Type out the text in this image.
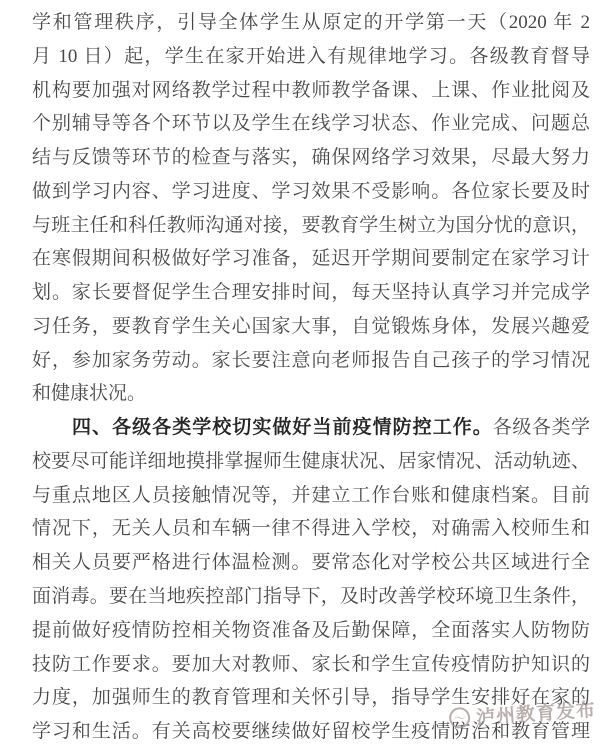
学和管理秩序，引导全体学生从原定的开学第一天（2020 年 2
月 10 日）起，学生在家开始进入有规律地学习。各级教育督导
机构要加强对网络教学过程中教师教学备课、上课、作业批阅及
个别辅导等各个环节以及学生在线学习状态、作业完成、问题总
结与反馈等环节的检查与落实，确保网络学习效果，尽最大努力
做到学习内容、学习进度、学习效果不受影响。各位家长要及时
与班主任和科任教师沟通对接，要教育学生树立为国分忧的意识，
在寒假期间积极做好学习准备，延迟开学期间要制定在家学习计
划。家长要督促学生合理安排时间，每天坚持认真学习并完成学
习任务，要教育学生关心国家大事，自觉锻炼身体，发展兴趣爱
好，参加家务劳动。家长要注意向老师报告自己孩子的学习情况
和健康状况。
四、各级各类学校切实做好当前疫情防控工作。各级各类学
校要尽可能详细地摸排掌握师生健康状况、居家情况、活动轨迹、
与重点地区人员接触情况等，并建立工作台账和健康档案。目前
情况下，无关人员和车辆一律不得进入学校，对确需入校师生和
相关人员要严格进行体温检测。要常态化对学校公共区域进行全
面消毒。要在当地疾控部门指导下，及时改善学校环境卫生条件，
提前做好疫情防控相关物资准备及后勤保障，全面落实人防物防
技防工作要求。要加大对教师、家长和学生宣传疫情防护知识的
力度，加强师生的教育管理和关怀引导，指导学生安排好在家的
学习和生活。有关高校要继续做好留校学生疫情防治和教育管理
〜 泸州教育发布
